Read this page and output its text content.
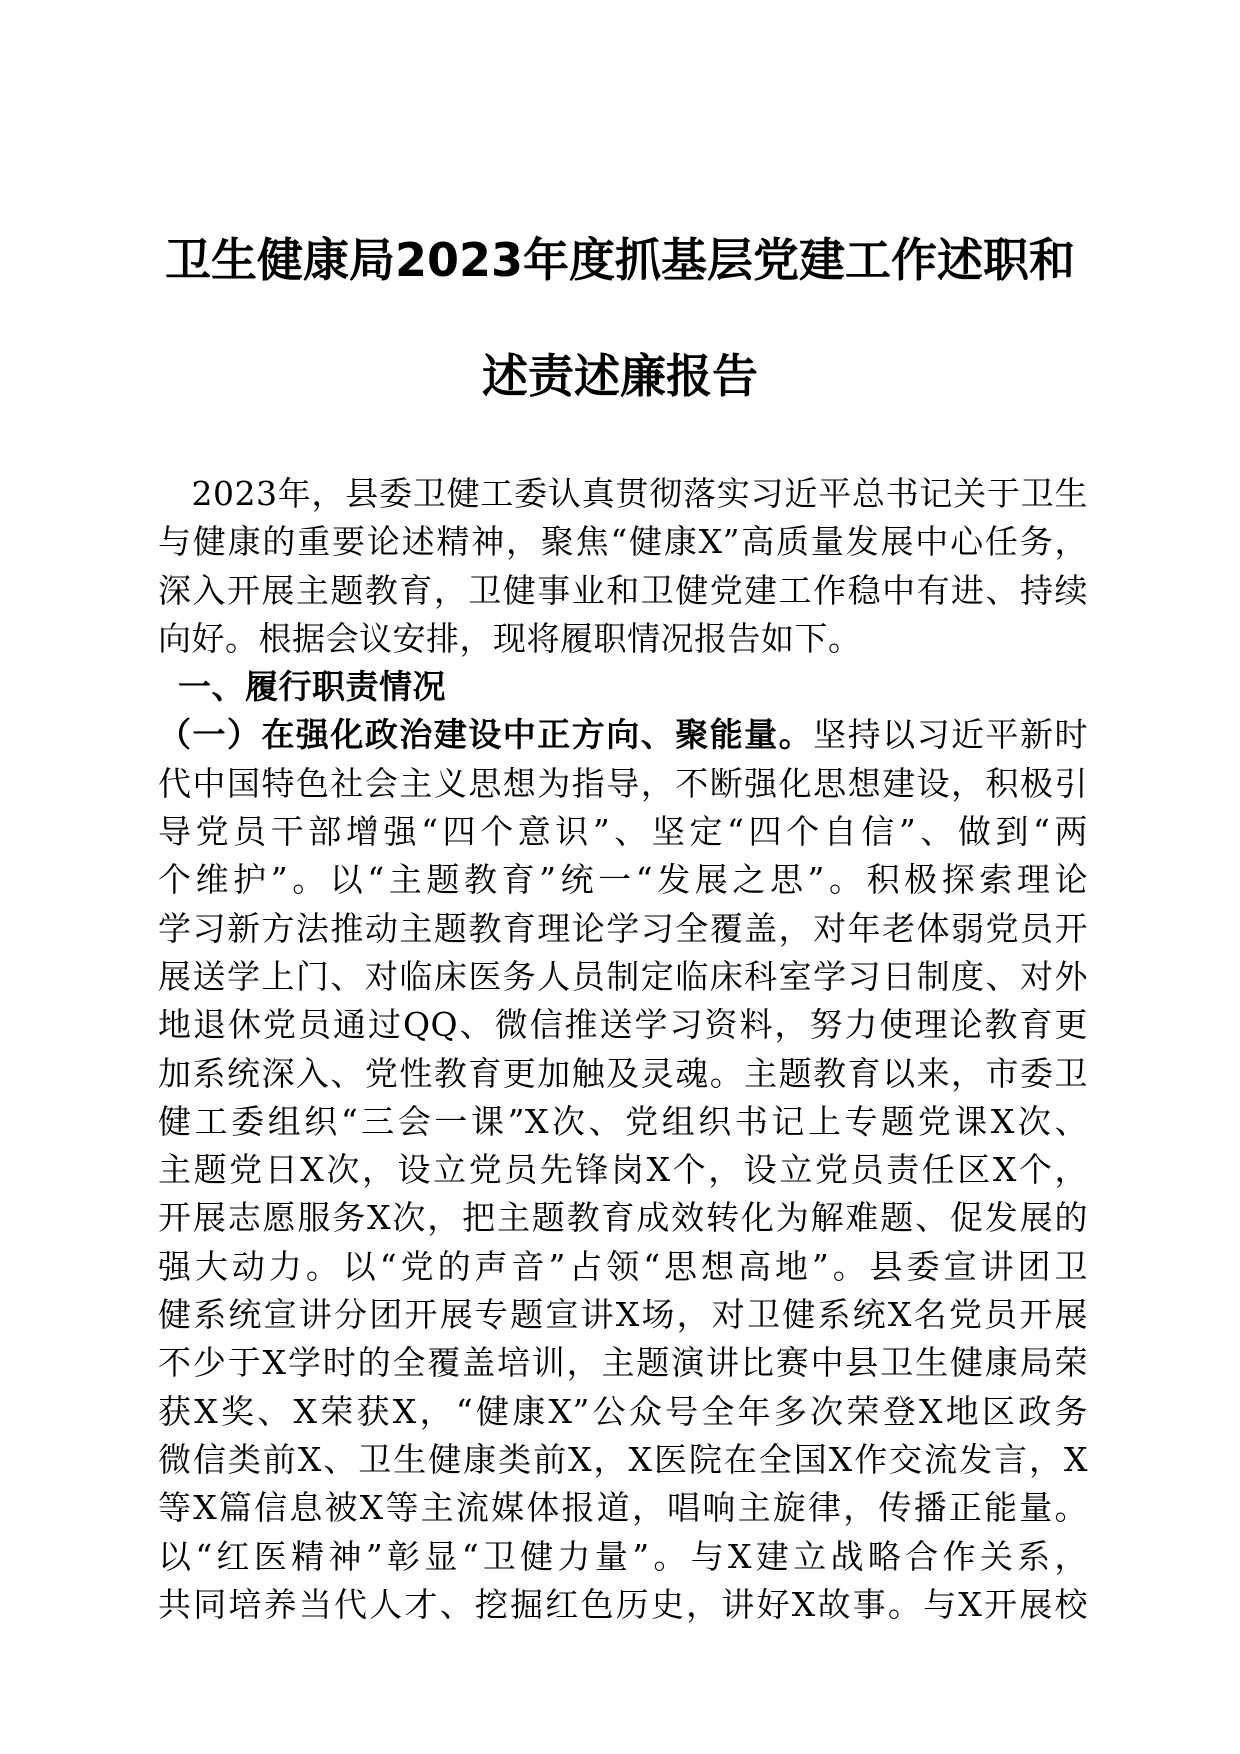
卫生健康局2023年度抓基层党建工作述职和
述责述廉报告
 2023年，县委卫健工委认真贯彻落实习近平总书记关于卫生
与健康的重要论述精神，聚焦“健康X”高质量发展中心任务，
深入开展主题教育，卫健事业和卫健党建工作稳中有进、持续
向好。根据会议安排，现将履职情况报告如下。
一、履行职责情况
（一）在强化政治建设中正方向、聚能量。坚持以习近平新时
代中国特色社会主义思想为指导，不断强化思想建设，积极引
导党员干部增强“四个意识”、坚定“四个自信”、做到“两
个维护”。以“主题教育”统一“发展之思”。积极探索理论
学习新方法推动主题教育理论学习全覆盖，对年老体弱党员开
展送学上门、对临床医务人员制定临床科室学习日制度、对外
地退休党员通过QQ、微信推送学习资料，努力使理论教育更
加系统深入、党性教育更加触及灵魂。主题教育以来，市委卫
健工委组织“三会一课”X次、党组织书记上专题党课X次、
主题党日X次，设立党员先锋岗X个，设立党员责任区X个，
开展志愿服务X次，把主题教育成效转化为解难题、促发展的
强大动力。以“党的声音”占领“思想高地”。县委宣讲团卫
健系统宣讲分团开展专题宣讲X场，对卫健系统X名党员开展
不少于X学时的全覆盖培训，主题演讲比赛中县卫生健康局荣
获X奖、X荣获X，“健康X”公众号全年多次荣登X地区政务
微信类前X、卫生健康类前X，X医院在全国X作交流发言，X
等X篇信息被X等主流媒体报道，唱响主旋律，传播正能量。
以“红医精神”彰显“卫健力量”。与X建立战略合作关系，
共同培养当代人才、挖掘红色历史，讲好X故事。与X开展校
